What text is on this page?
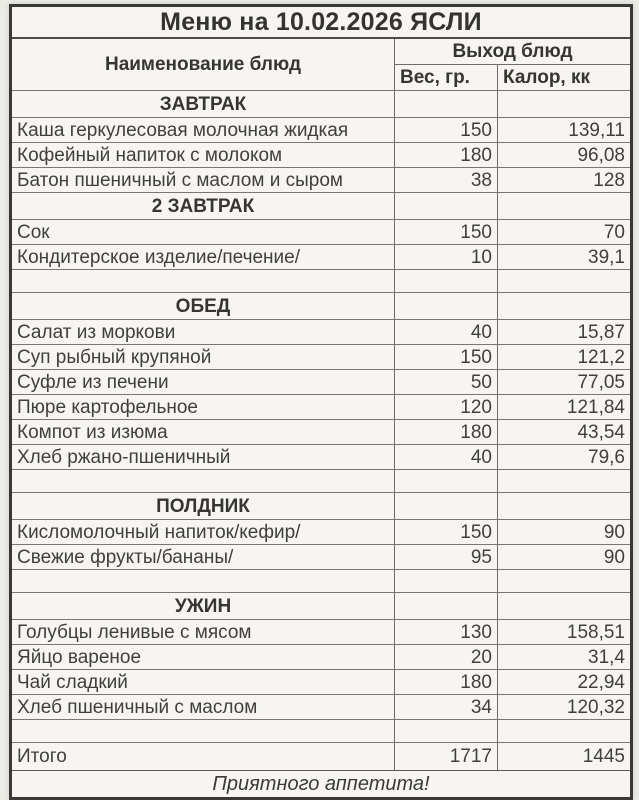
Меню на 10.02.2026 ЯСЛИ
Наименование блюд
Выход блюд
Вес, гр.	Калор, кк
ЗАВТРАК
Каша геркулесовая молочная жидкая	150	139,11
Кофейный напиток с молоком	180	96,08
Батон пшеничный с маслом и сыром	38	128
2 ЗАВТРАК
Сок	150	70
Кондитерское изделие/печение/	10	39,1
ОБЕД
Салат из моркови	40	15,87
Суп рыбный крупяной	150	121,2
Суфле из печени	50	77,05
Пюре картофельное	120	121,84
Компот из изюма	180	43,54
Хлеб ржано-пшеничный	40	79,6
ПОЛДНИК
Кисломолочный напиток/кефир/	150	90
Свежие фрукты/бананы/	95	90
УЖИН
Голубцы ленивые с мясом	130	158,51
Яйцо вареное	20	31,4
Чай сладкий	180	22,94
Хлеб пшеничный с маслом	34	120,32
Итого	1717	1445
Приятного аппетита!
